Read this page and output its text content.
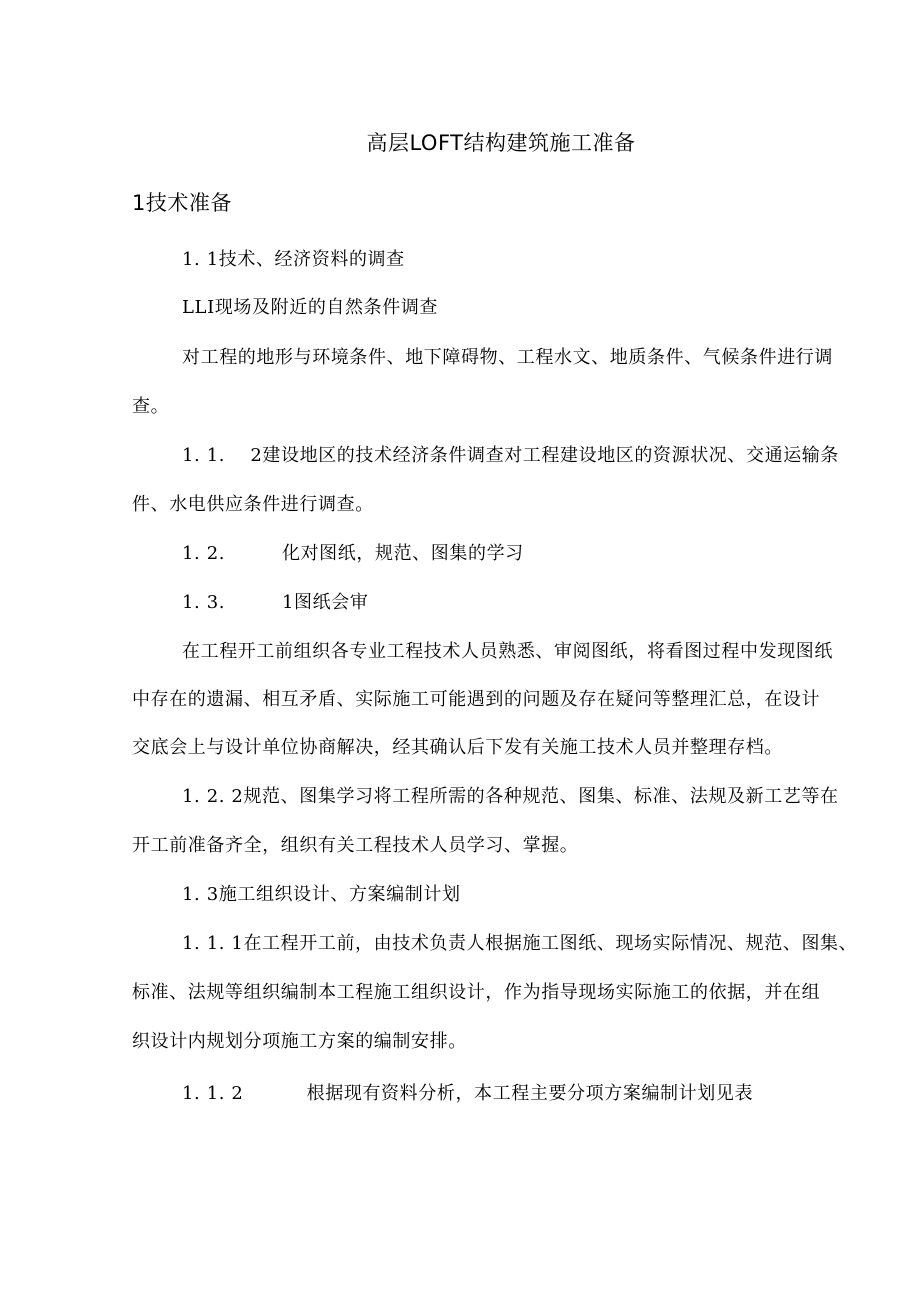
高层LOFT结构建筑施工准备
1技术准备
1. 1技术、经济资料的调查
LLI现场及附近的自然条件调查
对工程的地形与环境条件、地下障碍物、工程水文、地质条件、气候条件进行调
查。
1. 1.    2建设地区的技术经济条件调查对工程建设地区的资源状况、交通运输条
件、水电供应条件进行调查。
1. 2.         化对图纸，规范、图集的学习
1. 3.         1图纸会审
在工程开工前组织各专业工程技术人员熟悉、审阅图纸，将看图过程中发现图纸
中存在的遗漏、相互矛盾、实际施工可能遇到的问题及存在疑问等整理汇总，在设计
交底会上与设计单位协商解决，经其确认后下发有关施工技术人员并整理存档。
1. 2. 2规范、图集学习将工程所需的各种规范、图集、标准、法规及新工艺等在
开工前准备齐全，组织有关工程技术人员学习、掌握。
1. 3施工组织设计、方案编制计划
1. 1. 1在工程开工前，由技术负责人根据施工图纸、现场实际情况、规范、图集、
标准、法规等组织编制本工程施工组织设计，作为指导现场实际施工的依据，并在组
织设计内规划分项施工方案的编制安排。
1. 1. 2          根据现有资料分析，本工程主要分项方案编制计划见表
